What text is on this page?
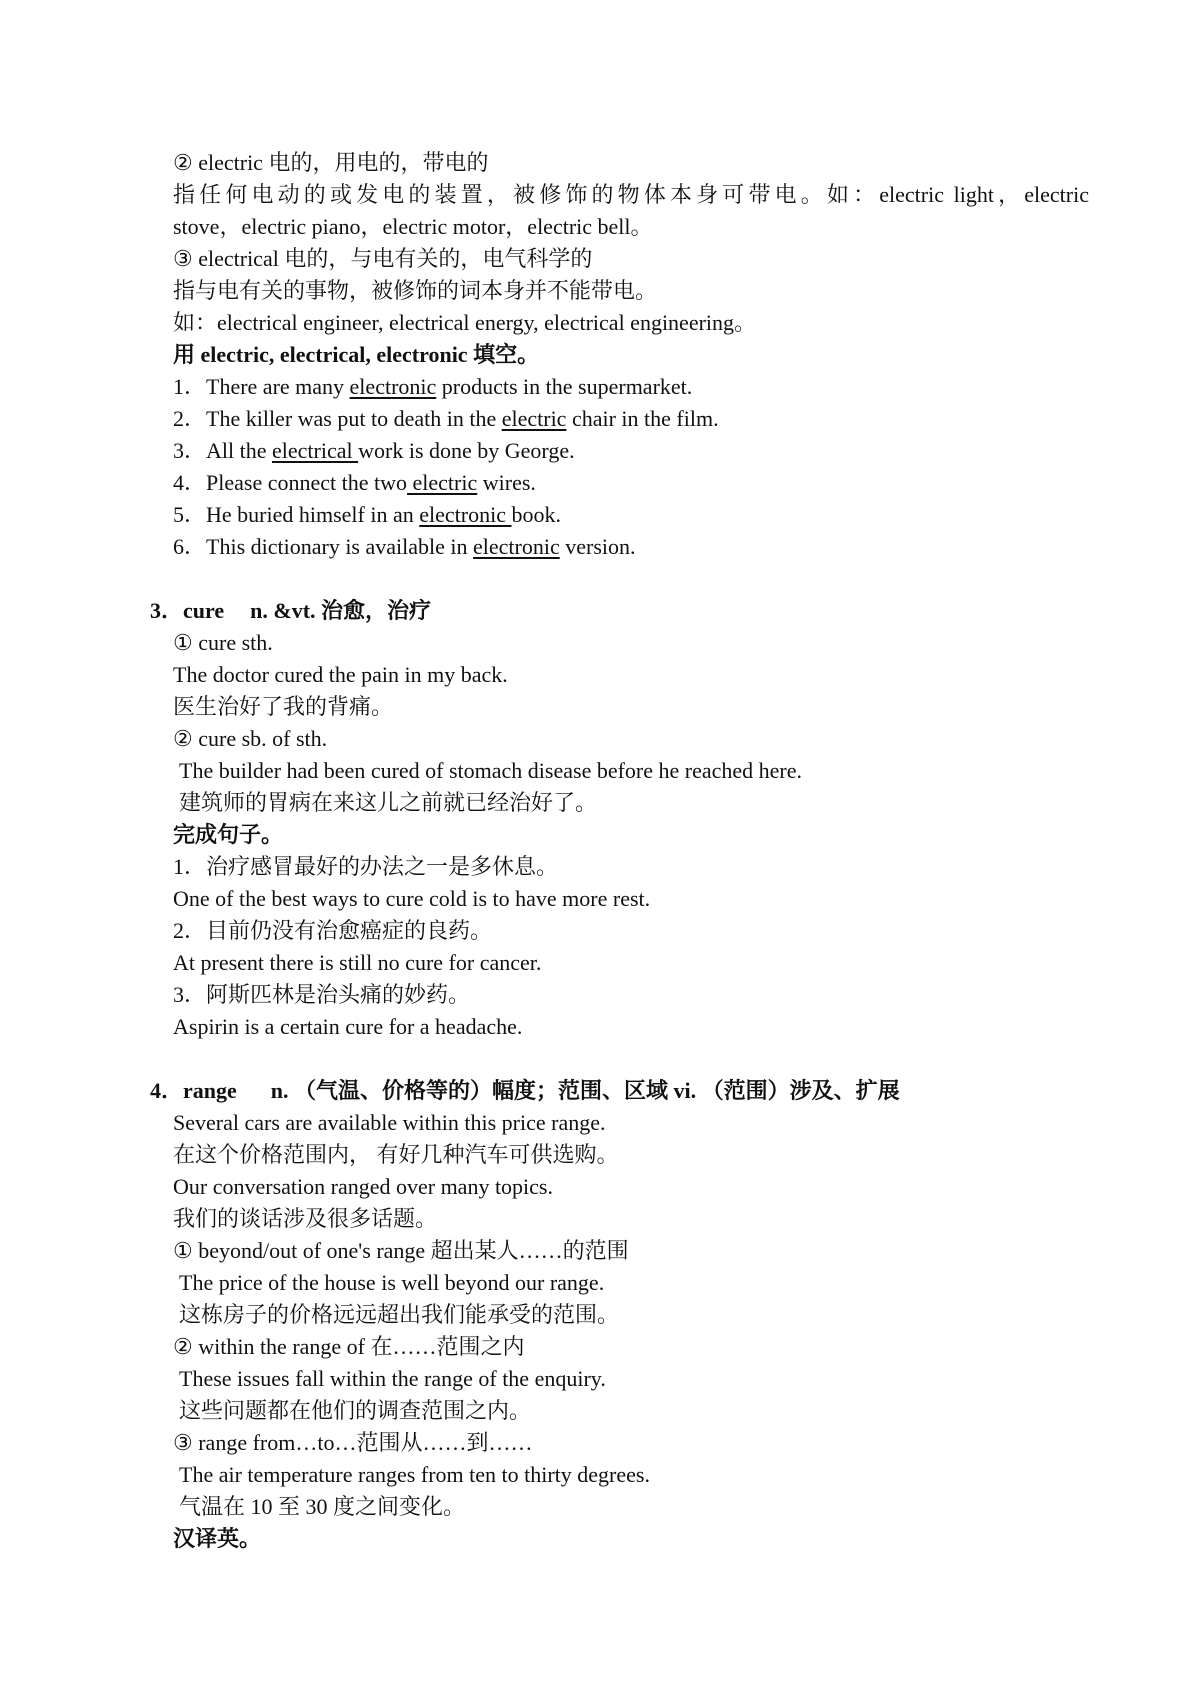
② electric 电的，用电的，带电的
指任何电动的或发电的装置，被修饰的物体本身可带电。如：electric light，electric
stove，electric piano，electric motor，electric bell。
③ electrical 电的，与电有关的，电气科学的
指与电有关的事物，被修饰的词本身并不能带电。
如：electrical engineer, electrical energy, electrical engineering。
用 electric, electrical, electronic 填空。
1．There are many electronic products in the supermarket.
2．The killer was put to death in the electric chair in the film.
3．All the electrical work is done by George.
4．Please connect the two electric wires.
5．He buried himself in an electronic book.
6．This dictionary is available in electronic version.
3．cure n. &vt. 治愈，治疗
① cure sth.
The doctor cured the pain in my back.
医生治好了我的背痛。
② cure sb. of sth.
The builder had been cured of stomach disease before he reached here.
建筑师的胃病在来这儿之前就已经治好了。
完成句子。
1．治疗感冒最好的办法之一是多休息。
One of the best ways to cure cold is to have more rest.
2．目前仍没有治愈癌症的良药。
At present there is still no cure for cancer.
3．阿斯匹林是治头痛的妙药。
Aspirin is a certain cure for a headache.
4．range n. （气温、价格等的）幅度；范围、区域 vi. （范围）涉及、扩展
Several cars are available within this price range.
在这个价格范围内， 有好几种汽车可供选购。
Our conversation ranged over many topics.
我们的谈话涉及很多话题。
① beyond/out of one's range 超出某人……的范围
The price of the house is well beyond our range.
这栋房子的价格远远超出我们能承受的范围。
② within the range of 在……范围之内
These issues fall within the range of the enquiry.
这些问题都在他们的调查范围之内。
③ range from…to…范围从……到……
The air temperature ranges from ten to thirty degrees.
气温在 10 至 30 度之间变化。
汉译英。
